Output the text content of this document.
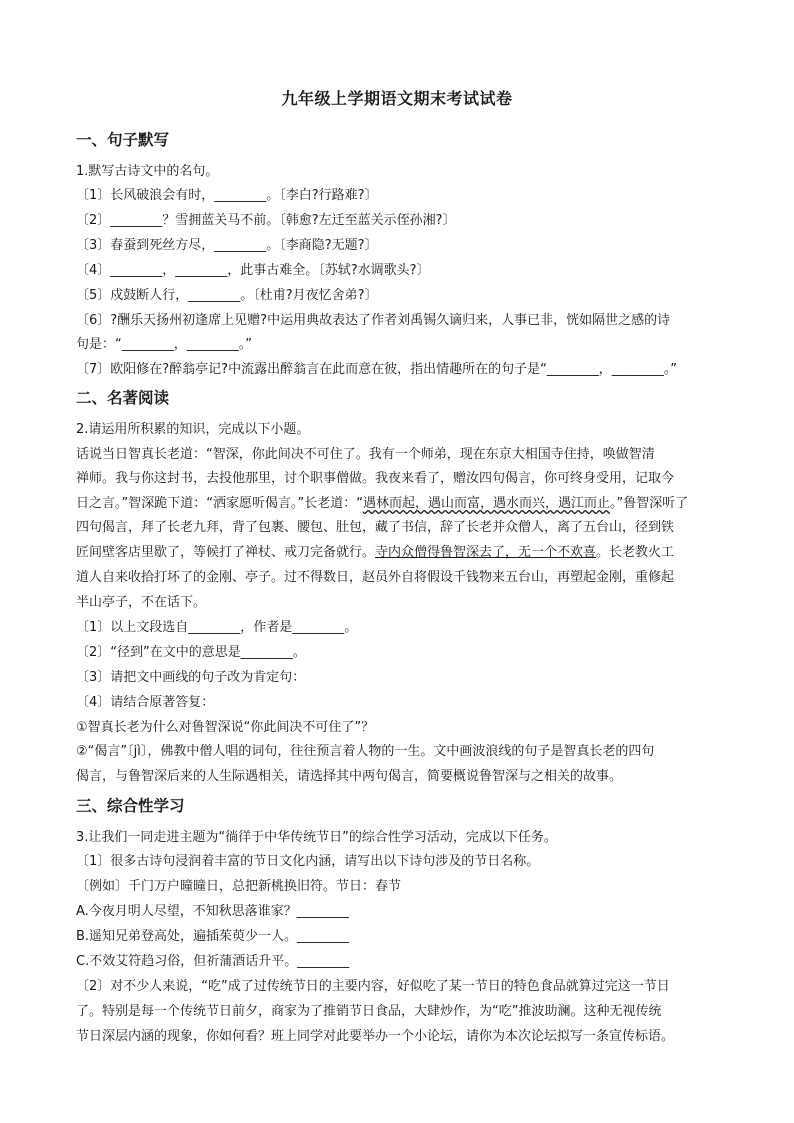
九年级上学期语文期末考试试卷
一、句子默写
1.默写古诗文中的名句。
〔1〕长风破浪会有时，________。〔李白?行路难?〕
〔2〕________？雪拥蓝关马不前。〔韩愈?左迁至蓝关示侄孙湘?〕
〔3〕春蚕到死丝方尽，________。〔李商隐?无题?〕
〔4〕________，________，此事古难全。〔苏轼?水调歌头?〕
〔5〕戍鼓断人行，________。〔杜甫?月夜忆舍弟?〕
〔6〕?酬乐天扬州初逢席上见赠?中运用典故表达了作者刘禹锡久谪归来，人事已非，恍如隔世之感的诗
句是：“________，________。”
〔7〕欧阳修在?醉翁亭记?中流露出醉翁言在此而意在彼，指出情趣所在的句子是“________，________。”
二、名著阅读
2.请运用所积累的知识，完成以下小题。
话说当日智真长老道：“智深，你此间决不可住了。我有一个师弟，现在东京大相国寺住持，唤做智清
禅师。我与你这封书，去投他那里，讨个职事僧做。我夜来看了，赠汝四句偈言，你可终身受用，记取今
日之言。”智深跪下道：“洒家愿听偈言。”长老道：“遇林而起，遇山而富，遇水而兴，遇江而止。”鲁智深听了
四句偈言，拜了长老九拜，背了包裹、腰包、肚包，藏了书信，辞了长老并众僧人，离了五台山，径到铁
匠间壁客店里歇了，等候打了禅杖、戒刀完备就行。寺内众僧得鲁智深去了，无一个不欢喜。长老教火工
道人自来收拾打坏了的金刚、亭子。过不得数日，赵员外自将假设千钱物来五台山，再塑起金刚，重修起
半山亭子，不在话下。
〔1〕以上文段选自________，作者是________。
〔2〕“径到”在文中的意思是________。
〔3〕请把文中画线的句子改为肯定句：
〔4〕请结合原著答复：
①智真长老为什么对鲁智深说“你此间决不可住了”？
②“偈言”〔jì〕，佛教中僧人唱的词句，往往预言着人物的一生。文中画波浪线的句子是智真长老的四句
偈言，与鲁智深后来的人生际遇相关，请选择其中两句偈言，简要概说鲁智深与之相关的故事。
三、综合性学习
3.让我们一同走进主题为“徜徉于中华传统节日”的综合性学习活动，完成以下任务。
〔1〕很多古诗句浸润着丰富的节日文化内涵，请写出以下诗句涉及的节日名称。
〔例如〕千门万户曈曈日，总把新桃换旧符。节日：春节
A.今夜月明人尽望，不知秋思落谁家？________
B.遥知兄弟登高处，遍插茱萸少一人。________
C.不效艾符趋习俗，但祈蒲酒话升平。________
〔2〕对不少人来说，“吃”成了过传统节日的主要内容，好似吃了某一节日的特色食品就算过完这一节日
了。特别是每一个传统节日前夕，商家为了推销节日食品，大肆炒作，为“吃”推波助澜。这种无视传统
节日深层内涵的现象，你如何看？班上同学对此要举办一个小论坛，请你为本次论坛拟写一条宣传标语。
